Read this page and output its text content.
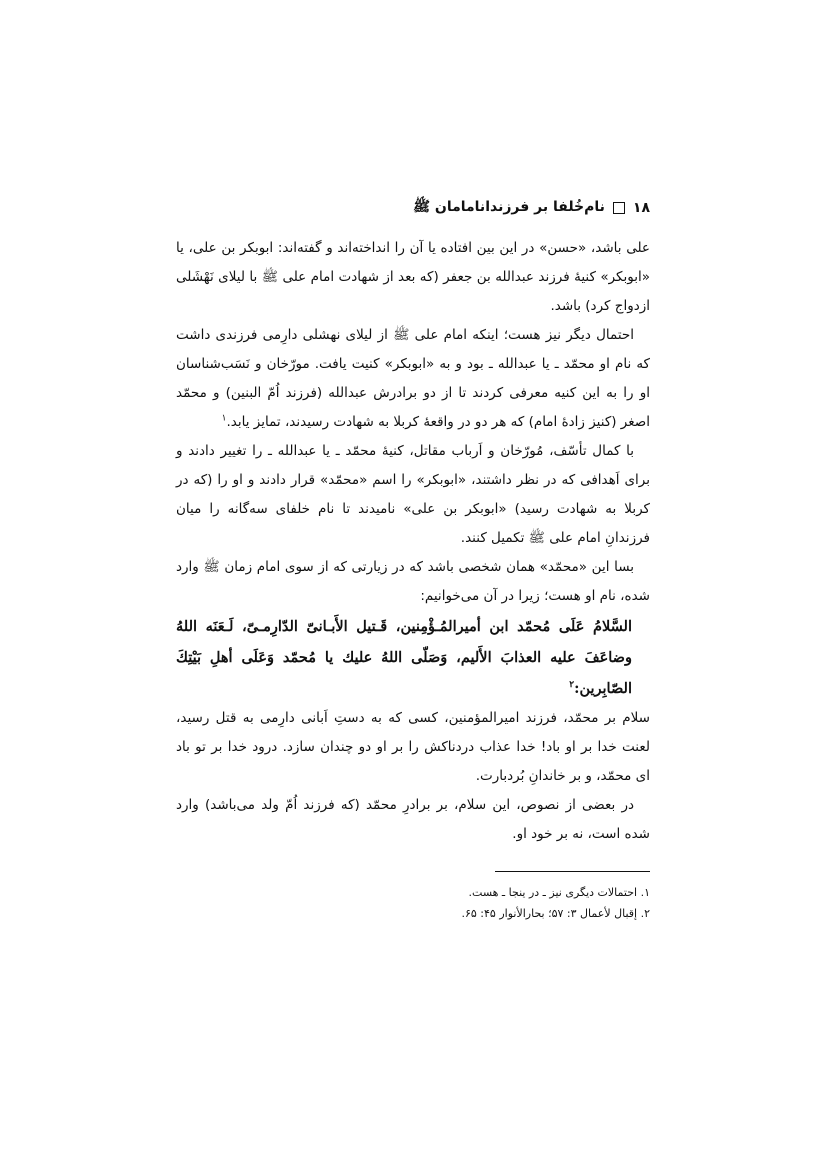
۱۸
نام‌خُلفا بر فرزندانامامان ﷺ

علی باشد، «حسن» در این بین افتاده یا آن را انداخته‌اند و گفته‌اند: ابوبکر بن علی، یا «ابوبکر» کنیهٔ فرزند عبدالله بن جعفر (که بعد از شهادت امام علی ﷺ با لیلای نَهْشَلی ازدواج کرد) باشد.

احتمال دیگر نیز هست؛ اینکه امام علی ﷺ از لیلای نهشلی دارِمی فرزندی داشت که نام او محمّد ـ یا عبدالله ـ بود و به «ابوبکر» کنیت یافت. مورّخان و نَسَب‌شناسان او را به این کنیه معرفی کردند تا از دو برادرش عبدالله (فرزند اُمّ البنین) و محمّد اصغر (کنیز زادهٔ امام) که هر دو در واقعهٔ کربلا به شهادت رسیدند، تمایز یابد.$^۱$

با کمال تأسّف، مُورّخان و اَرباب مقاتل، کنیهٔ محمّد ـ یا عبدالله ـ را تغییر دادند و برای اَهدافی که در نظر داشتند، «ابوبکر» را اسم «محمّد» قرار دادند و او را (که در کربلا به شهادت رسید) «ابوبکر بن علی» نامیدند تا نام خلفای سه‌گانه را میان فرزندانِ امام علی ﷺ تکمیل کنند.

بسا این «محمّد» همان شخصی باشد که در زیارتی که از سوی امام زمان ﷺ وارد شده، نام او هست؛ زیرا در آن می‌خوانیم:

السَّلامُ عَلَی مُحمّد ابن أمیرالمُـؤْمِنین، قَـتیل الأَبـانیّ الدّارِمـیّ، لَـعَنَه اللهُ وضاعَفَ علیه العذابَ الأَلیم، وَصَلّی اللهُ علیك یا مُحمّد وَعَلَی أهلِ بَیْتِكَ الصّابِرین:$^۲$

سلام بر محمّد، فرزند امیرالمؤمنین، کسی که به دستِ اَبانی دارِمی به قتل رسید، لعنت خدا بر او باد! خدا عذاب دردناکش را بر او دو چندان سازد. درود خدا بر تو باد ای محمّد، و بر خاندانِ بُردبارت.

در بعضی از نصوص، این سلام، بر برادرِ محمّد (که فرزند اُمّ ولد می‌باشد) وارد شده است، نه بر خود او.

۱. احتمالات دیگری نیز ـ در ینجا ـ هست.

۲. إقبال لأعمال ۳: ۵۷؛ بحارالأنوار ۴۵: ۶۵.
